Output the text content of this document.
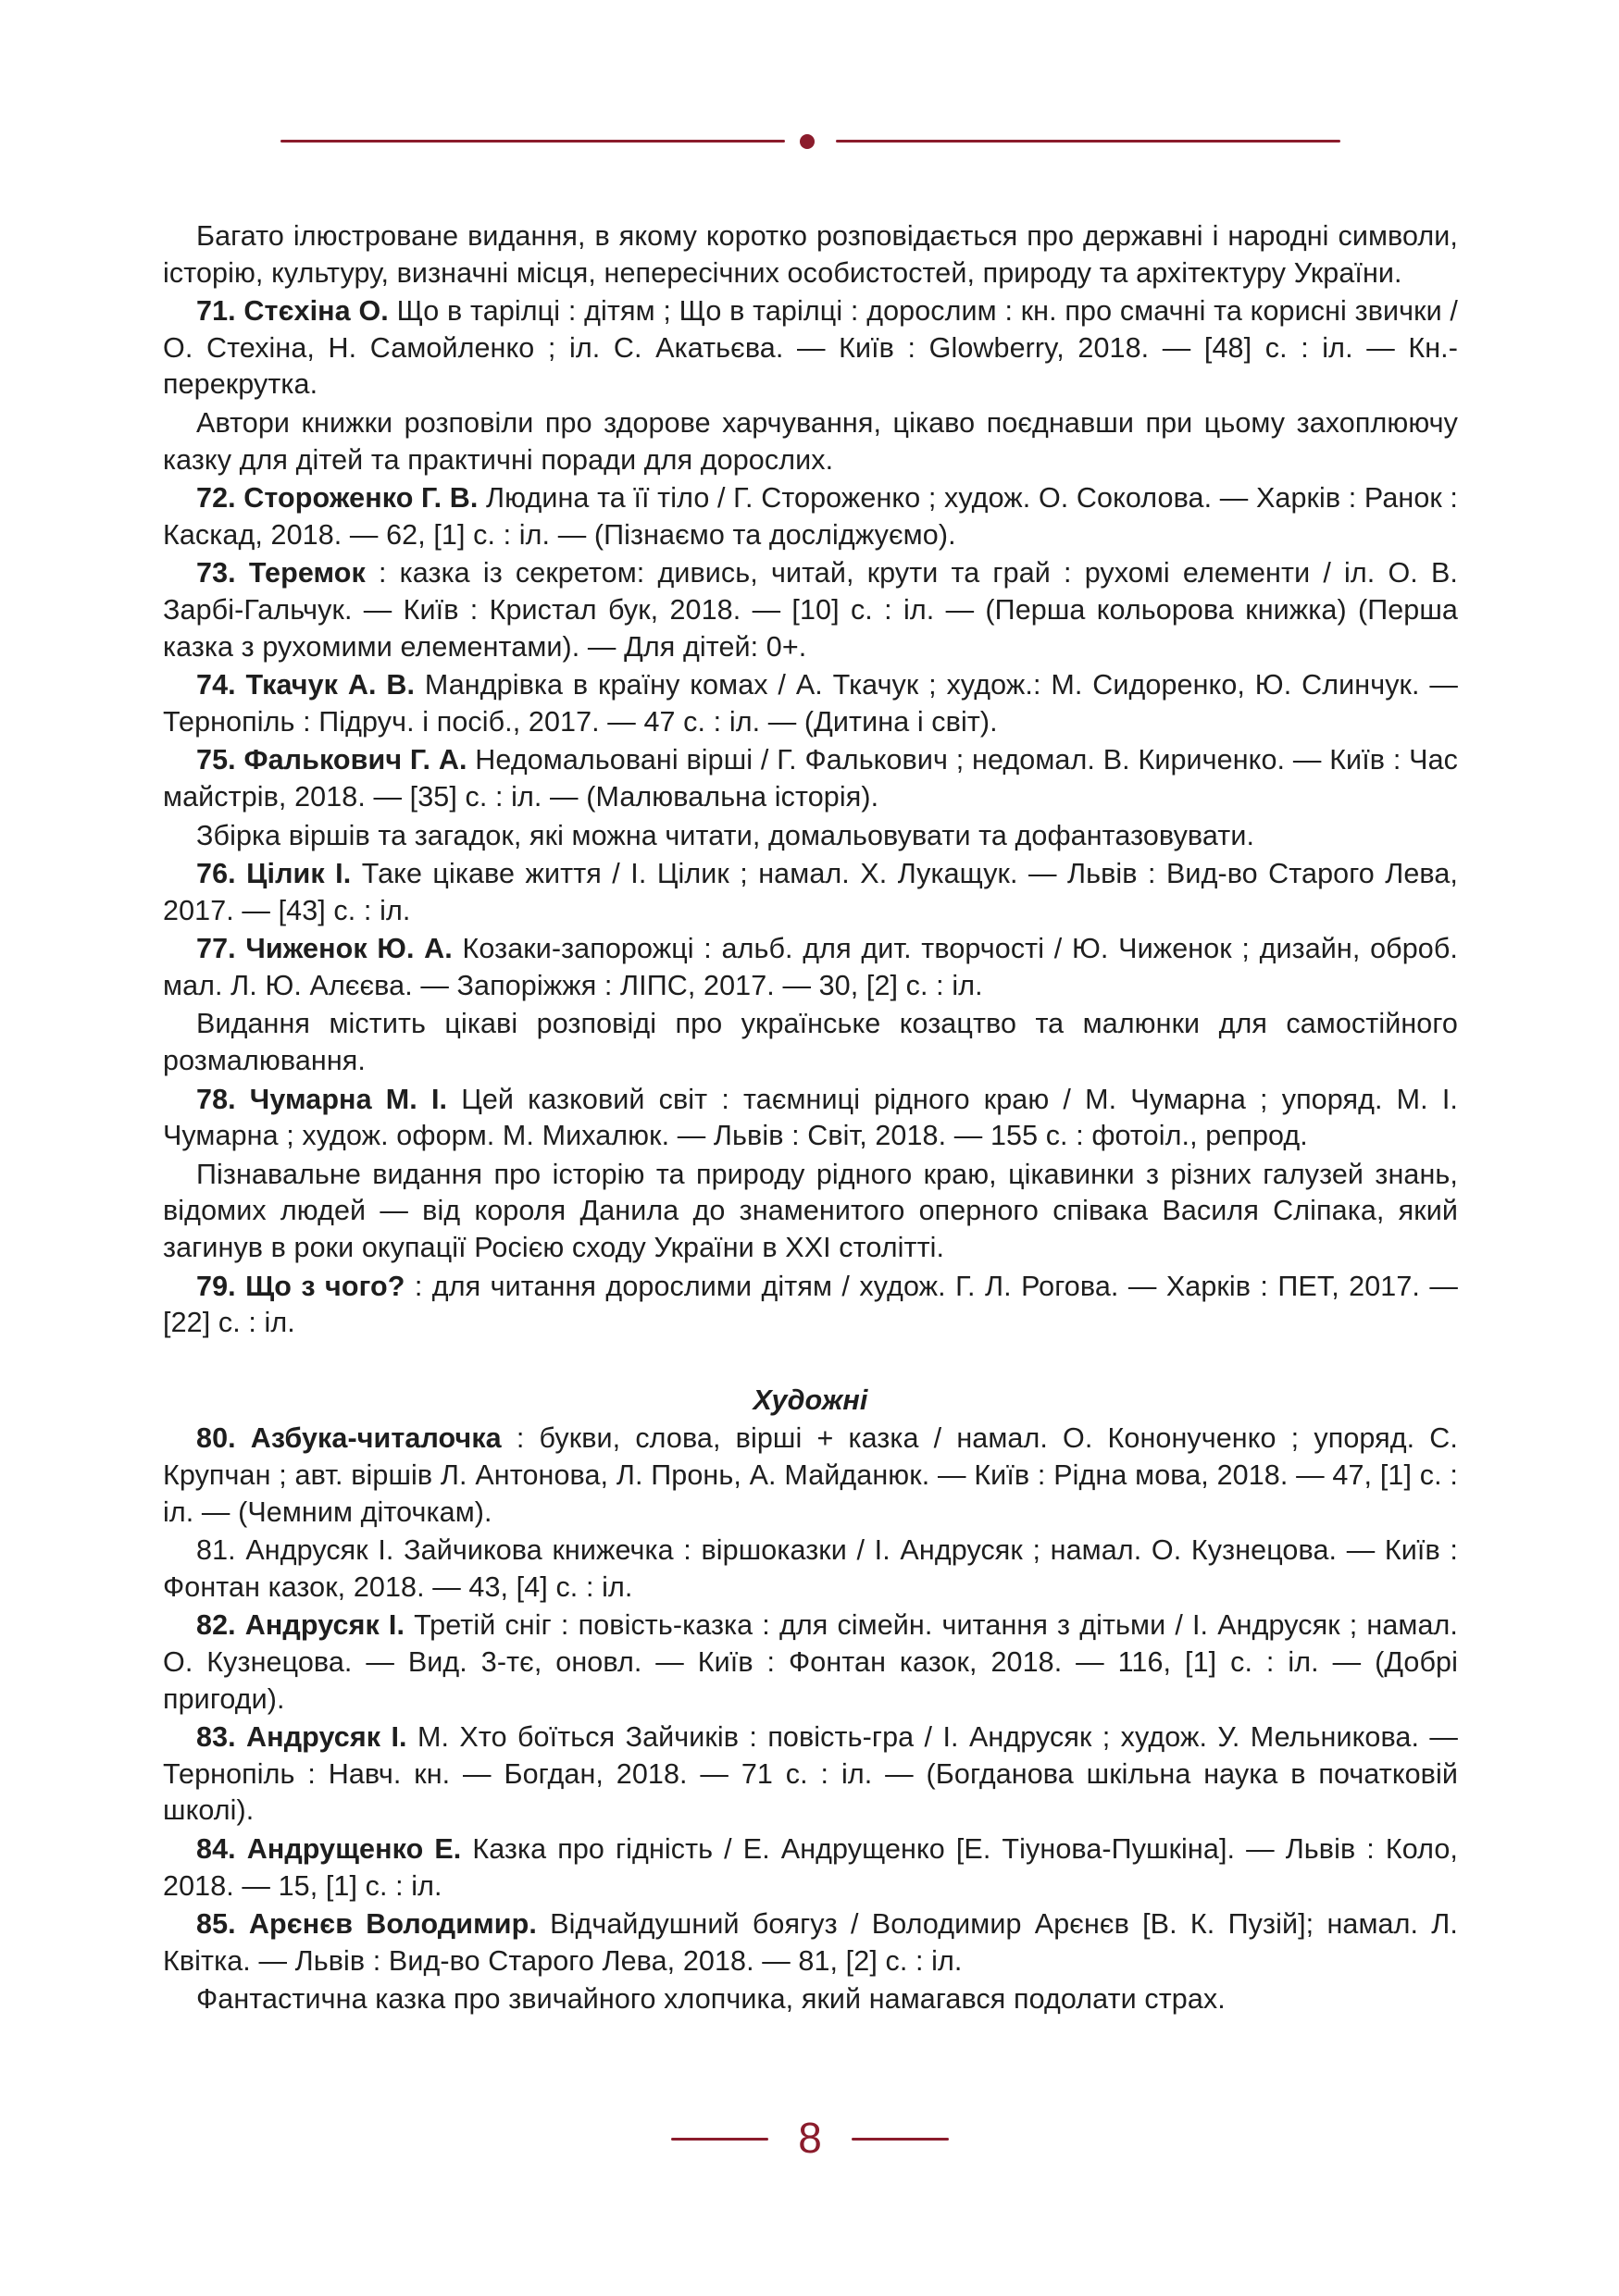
Багато ілюстроване видання, в якому коротко розповідається про державні і народні символи, історію, культуру, визначні місця, непересічних особистостей, природу та архітектуру України.

71. Стєхіна О. Що в тарілці : дітям ; Що в тарілці : дорослим : кн. про смачні та корисні звички / О. Стехіна, Н. Самойленко ; іл. С. Акатьєва. — Київ : Glowberry, 2018. — [48] с. : іл. — Кн.-перекрутка.

Автори книжки розповіли про здорове харчування, цікаво поєднавши при цьому захоплюючу казку для дітей та практичні поради для дорослих.

72. Стороженко Г. В. Людина та її тіло / Г. Стороженко ; худож. О. Соколова. — Харків : Ранок : Каскад, 2018. — 62, [1] с. : іл. — (Пізнаємо та досліджуємо).

73. Теремок : казка із секретом: дивись, читай, крути та грай : рухомі елементи / іл. О. В. Зарбі-Гальчук. — Київ : Кристал бук, 2018. — [10] с. : іл. — (Перша кольорова книжка) (Перша казка з рухомими елементами). — Для дітей: 0+.

74. Ткачук А. В. Мандрівка в країну комах / А. Ткачук ; худож.: М. Сидоренко, Ю. Слинчук. — Тернопіль : Підруч. і посіб., 2017. — 47 с. : іл. — (Дитина і світ).

75. Фалькович Г. А. Недомальовані вірші / Г. Фалькович ; недомал. В. Кириченко. — Київ : Час майстрів, 2018. — [35] с. : іл. — (Малювальна історія).

Збірка віршів та загадок, які можна читати, домальовувати та дофантазовувати.

76. Цілик І. Таке цікаве життя / І. Цілик ; намал. Х. Лукащук. — Львів : Вид-во Старого Лева, 2017. — [43] с. : іл.

77. Чиженок Ю. А. Козаки-запорожці : альб. для дит. творчості / Ю. Чиженок ; дизайн, оброб. мал. Л. Ю. Алєєва. — Запоріжжя : ЛІПС, 2017. — 30, [2] с. : іл.

Видання містить цікаві розповіді про українське козацтво та малюнки для самостійного розмалювання.

78. Чумарна М. І. Цей казковий світ : таємниці рідного краю / М. Чумарна ; упоряд. М. І. Чумарна ; худож. оформ. М. Михалюк. — Львів : Світ, 2018. — 155 с. : фотоіл., репрод.

Пізнавальне видання про історію та природу рідного краю, цікавинки з різних галузей знань, відомих людей — від короля Данила до знаменитого оперного співака Василя Сліпака, який загинув в роки окупації Росією сходу України в XXI столітті.

79. Що з чого? : для читання дорослими дітям / худож. Г. Л. Рогова. — Харків : ПЕТ, 2017. — [22] с. : іл.

Художні

80. Азбука-читалочка : букви, слова, вірші + казка / намал. О. Кононученко ; упоряд. С. Крупчан ; авт. віршів Л. Антонова, Л. Пронь, А. Майданюк. — Київ : Рідна мова, 2018. — 47, [1] с. : іл. — (Чемним діточкам).

81. Андрусяк І. Зайчикова книжечка : віршоказки / І. Андрусяк ; намал. О. Кузнецова. — Київ : Фонтан казок, 2018. — 43, [4] с. : іл.

82. Андрусяк І. Третій сніг : повість-казка : для сімейн. читання з дітьми / І. Андрусяк ; намал. О. Кузнецова. — Вид. 3-тє, оновл. — Київ : Фонтан казок, 2018. — 116, [1] с. : іл. — (Добрі пригоди).

83. Андрусяк І. М. Хто боїться Зайчиків : повість-гра / І. Андрусяк ; худож. У. Мельникова. — Тернопіль : Навч. кн. — Богдан, 2018. — 71 с. : іл. — (Богданова шкільна наука в початковій школі).

84. Андрущенко Е. Казка про гідність / Е. Андрущенко [Е. Тіунова-Пушкіна]. — Львів : Коло, 2018. — 15, [1] с. : іл.

85. Арєнєв Володимир. Відчайдушний боягуз / Володимир Арєнєв [В. К. Пузій]; намал. Л. Квітка. — Львів : Вид-во Старого Лева, 2018. — 81, [2] с. : іл.

Фантастична казка про звичайного хлопчика, який намагався подолати страх.

8
